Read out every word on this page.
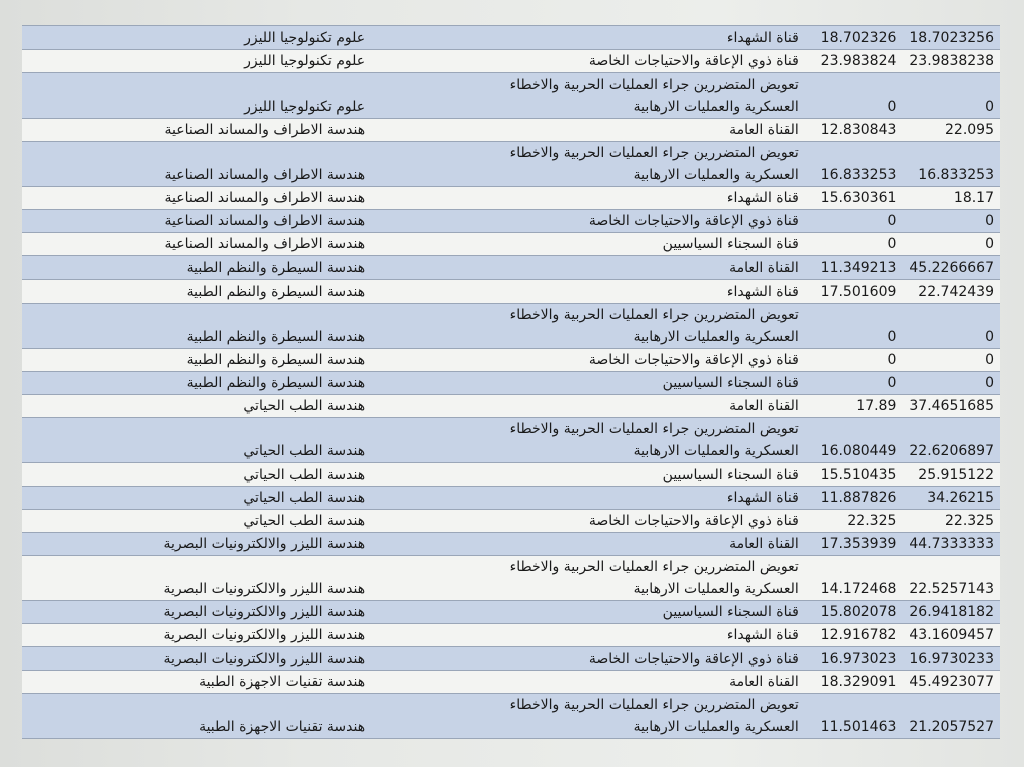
علوم تكنولوجيا الليزر		قناة الشهداء	18.702326	18.7023256
علوم تكنولوجيا الليزر		قناة ذوي الإعاقة والاحتياجات الخاصة	23.983824	23.9838238
علوم تكنولوجيا الليزر		تعويض المتضررين جراء العمليات الحربية والاخطاء العسكرية والعمليات الارهابية	0	0
هندسة الاطراف والمساند الصناعية		القناة العامة	12.830843	22.095
هندسة الاطراف والمساند الصناعية		تعويض المتضررين جراء العمليات الحربية والاخطاء العسكرية والعمليات الارهابية	16.833253	16.833253
هندسة الاطراف والمساند الصناعية		قناة الشهداء	15.630361	18.17
هندسة الاطراف والمساند الصناعية		قناة ذوي الإعاقة والاحتياجات الخاصة	0	0
هندسة الاطراف والمساند الصناعية		قناة السجناء السياسيين	0	0
هندسة السيطرة والنظم الطبية		القناة العامة	11.349213	45.2266667
هندسة السيطرة والنظم الطبية		قناة الشهداء	17.501609	22.742439
هندسة السيطرة والنظم الطبية		تعويض المتضررين جراء العمليات الحربية والاخطاء العسكرية والعمليات الارهابية	0	0
هندسة السيطرة والنظم الطبية		قناة ذوي الإعاقة والاحتياجات الخاصة	0	0
هندسة السيطرة والنظم الطبية		قناة السجناء السياسيين	0	0
هندسة الطب الحياتي		القناة العامة	17.89	37.4651685
هندسة الطب الحياتي		تعويض المتضررين جراء العمليات الحربية والاخطاء العسكرية والعمليات الارهابية	16.080449	22.6206897
هندسة الطب الحياتي		قناة السجناء السياسيين	15.510435	25.915122
هندسة الطب الحياتي		قناة الشهداء	11.887826	34.26215
هندسة الطب الحياتي		قناة ذوي الإعاقة والاحتياجات الخاصة	22.325	22.325
هندسة الليزر والالكترونيات البصرية		القناة العامة	17.353939	44.7333333
هندسة الليزر والالكترونيات البصرية		تعويض المتضررين جراء العمليات الحربية والاخطاء العسكرية والعمليات الارهابية	14.172468	22.5257143
هندسة الليزر والالكترونيات البصرية		قناة السجناء السياسيين	15.802078	26.9418182
هندسة الليزر والالكترونيات البصرية		قناة الشهداء	12.916782	43.1609457
هندسة الليزر والالكترونيات البصرية		قناة ذوي الإعاقة والاحتياجات الخاصة	16.973023	16.9730233
هندسة تقنيات الاجهزة الطبية		القناة العامة	18.329091	45.4923077
هندسة تقنيات الاجهزة الطبية		تعويض المتضررين جراء العمليات الحربية والاخطاء العسكرية والعمليات الارهابية	11.501463	21.2057527
